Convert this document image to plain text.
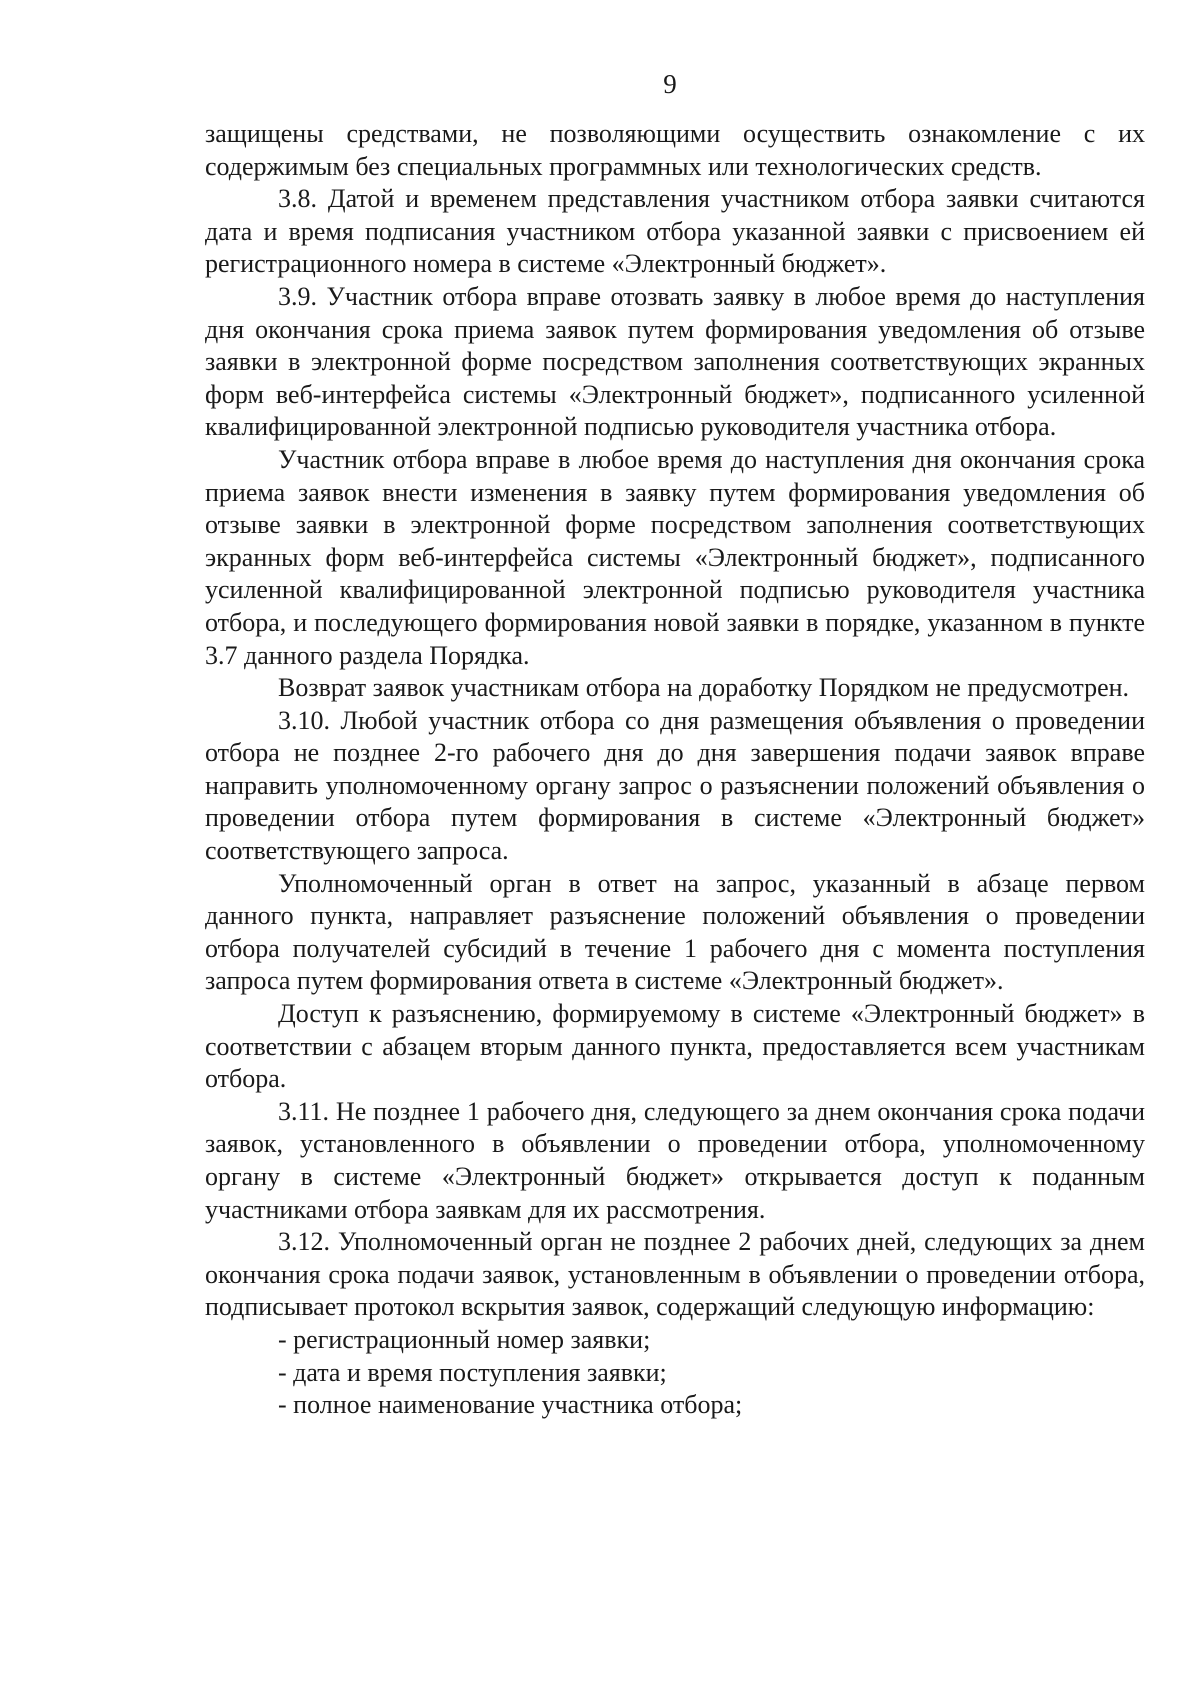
9

защищены средствами, не позволяющими осуществить ознакомление с их содержимым без специальных программных или технологических средств.

3.8. Датой и временем представления участником отбора заявки считаются дата и время подписания участником отбора указанной заявки с присвоением ей регистрационного номера в системе «Электронный бюджет».

3.9. Участник отбора вправе отозвать заявку в любое время до наступления дня окончания срока приема заявок путем формирования уведомления об отзыве заявки в электронной форме посредством заполнения соответствующих экранных форм веб-интерфейса системы «Электронный бюджет», подписанного усиленной квалифицированной электронной подписью руководителя участника отбора.

Участник отбора вправе в любое время до наступления дня окончания срока приема заявок внести изменения в заявку путем формирования уведомления об отзыве заявки в электронной форме посредством заполнения соответствующих экранных форм веб-интерфейса системы «Электронный бюджет», подписанного усиленной квалифицированной электронной подписью руководителя участника отбора, и последующего формирования новой заявки в порядке, указанном в пункте 3.7 данного раздела Порядка.

Возврат заявок участникам отбора на доработку Порядком не предусмотрен.

3.10. Любой участник отбора со дня размещения объявления о проведении отбора не позднее 2-го рабочего дня до дня завершения подачи заявок вправе направить уполномоченному органу запрос о разъяснении положений объявления о проведении отбора путем формирования в системе «Электронный бюджет» соответствующего запроса.

Уполномоченный орган в ответ на запрос, указанный в абзаце первом данного пункта, направляет разъяснение положений объявления о проведении отбора получателей субсидий в течение 1 рабочего дня с момента поступления запроса путем формирования ответа в системе «Электронный бюджет».

Доступ к разъяснению, формируемому в системе «Электронный бюджет» в соответствии с абзацем вторым данного пункта, предоставляется всем участникам отбора.

3.11. Не позднее 1 рабочего дня, следующего за днем окончания срока подачи заявок, установленного в объявлении о проведении отбора, уполномоченному органу в системе «Электронный бюджет» открывается доступ к поданным участниками отбора заявкам для их рассмотрения.

3.12. Уполномоченный орган не позднее 2 рабочих дней, следующих за днем окончания срока подачи заявок, установленным в объявлении о проведении отбора, подписывает протокол вскрытия заявок, содержащий следующую информацию:

- регистрационный номер заявки;

- дата и время поступления заявки;

- полное наименование участника отбора;
